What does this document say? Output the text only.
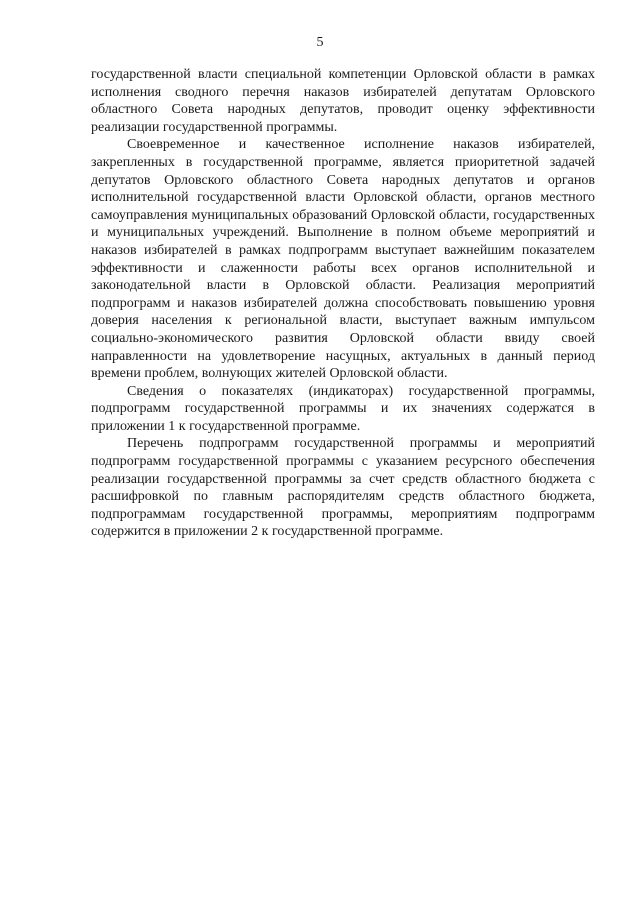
5

государственной власти специальной компетенции Орловской области в рамках исполнения сводного перечня наказов избирателей депутатам Орловского областного Совета народных депутатов, проводит оценку эффективности реализации государственной программы.

Своевременное и качественное исполнение наказов избирателей, закрепленных в государственной программе, является приоритетной задачей депутатов Орловского областного Совета народных депутатов и органов исполнительной государственной власти Орловской области, органов местного самоуправления муниципальных образований Орловской области, государственных и муниципальных учреждений. Выполнение в полном объеме мероприятий и наказов избирателей в рамках подпрограмм выступает важнейшим показателем эффективности и слаженности работы всех органов исполнительной и законодательной власти в Орловской области. Реализация мероприятий подпрограмм и наказов избирателей должна способствовать повышению уровня доверия населения к региональной власти, выступает важным импульсом социально-экономического развития Орловской области ввиду своей направленности на удовлетворение насущных, актуальных в данный период времени проблем, волнующих жителей Орловской области.

Сведения о показателях (индикаторах) государственной программы, подпрограмм государственной программы и их значениях содержатся в приложении 1 к государственной программе.

Перечень подпрограмм государственной программы и мероприятий подпрограмм государственной программы с указанием ресурсного обеспечения реализации государственной программы за счет средств областного бюджета с расшифровкой по главным распорядителям средств областного бюджета, подпрограммам государственной программы, мероприятиям подпрограмм содержится в приложении 2 к государственной программе.
